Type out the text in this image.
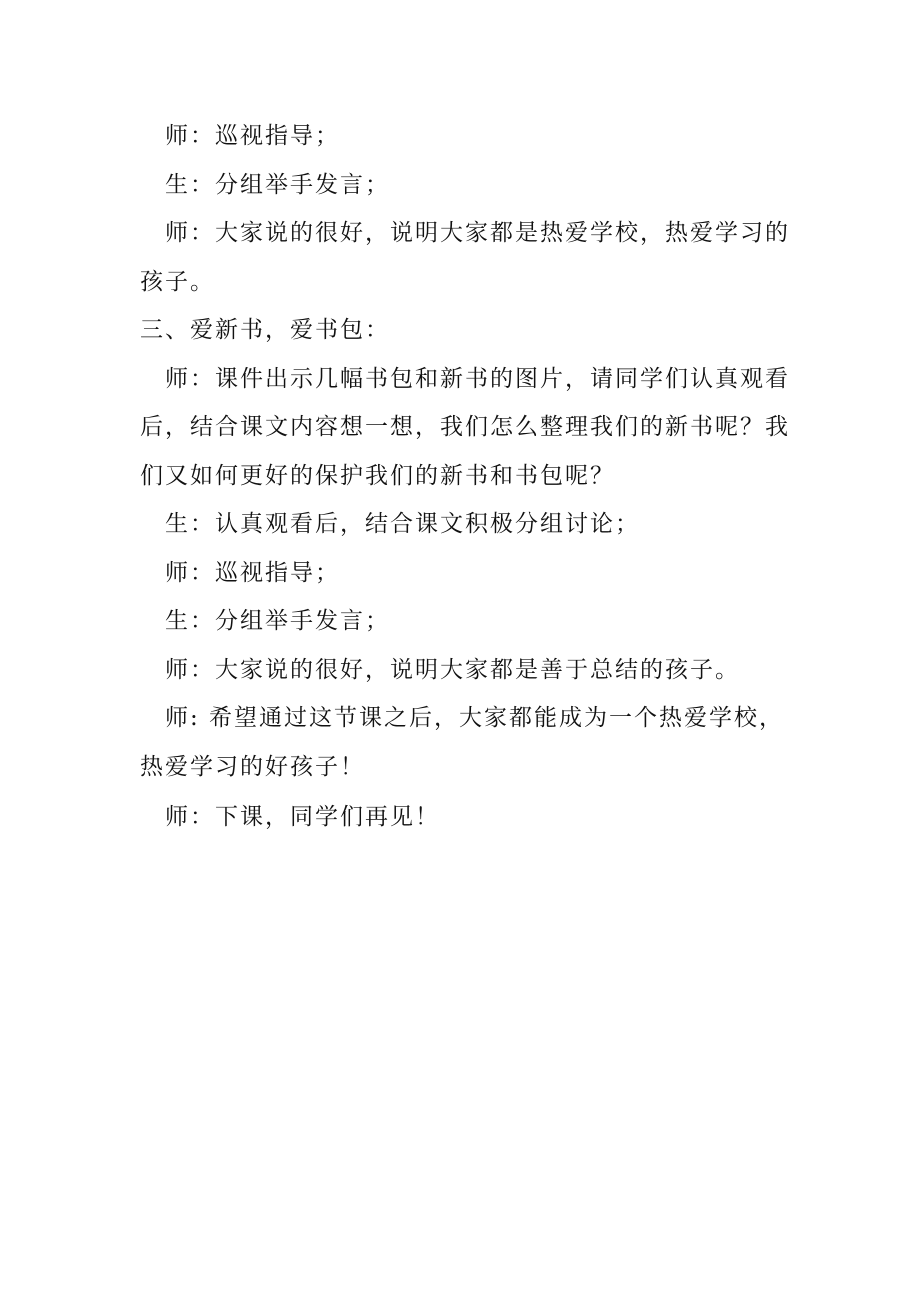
师：巡视指导；

生：分组举手发言；

师：大家说的很好，说明大家都是热爱学校，热爱学习的孩子。

三、爱新书，爱书包：

师：课件出示几幅书包和新书的图片，请同学们认真观看后，结合课文内容想一想，我们怎么整理我们的新书呢？我们又如何更好的保护我们的新书和书包呢？

生：认真观看后，结合课文积极分组讨论；

师：巡视指导；

生：分组举手发言；

师：大家说的很好，说明大家都是善于总结的孩子。

师: 希望通过这节课之后，大家都能成为一个热爱学校，热爱学习的好孩子！

师：下课，同学们再见！
